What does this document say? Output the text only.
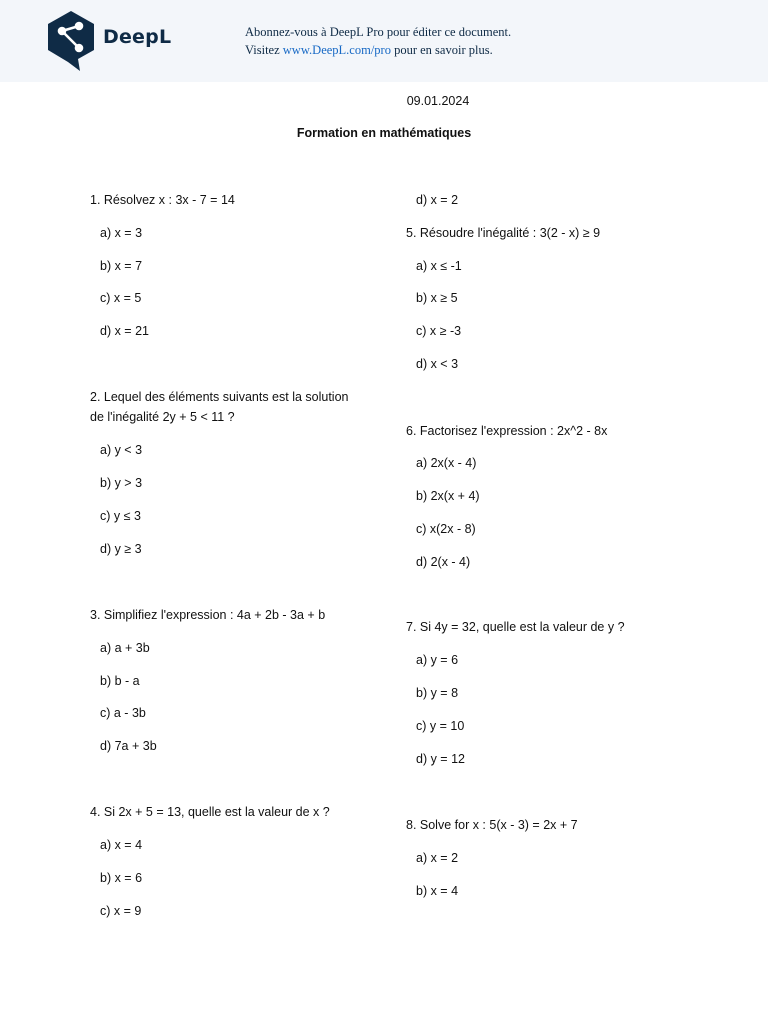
DeepL	Abonnez-vous à DeepL Pro pour éditer ce document.
Visitez www.DeepL.com/pro pour en savoir plus.
09.01.2024
Formation en mathématiques
1. Résolvez x : 3x - 7 = 14
a) x = 3
b) x = 7
c) x = 5
d) x = 21
2. Lequel des éléments suivants est la solution
de l'inégalité 2y + 5 < 11 ?
a) y < 3
b) y > 3
c) y ≤ 3
d) y ≥ 3
3. Simplifiez l'expression : 4a + 2b - 3a + b
a) a + 3b
b) b - a
c) a - 3b
d) 7a + 3b
4. Si 2x + 5 = 13, quelle est la valeur de x ?
a) x = 4
b) x = 6
c) x = 9
d) x = 2
5. Résoudre l'inégalité : 3(2 - x) ≥ 9
a) x ≤ -1
b) x ≥ 5
c) x ≥ -3
d) x < 3
6. Factorisez l'expression : 2x^2 - 8x
a) 2x(x - 4)
b) 2x(x + 4)
c) x(2x - 8)
d) 2(x - 4)
7. Si 4y = 32, quelle est la valeur de y ?
a) y = 6
b) y = 8
c) y = 10
d) y = 12
8. Solve for x : 5(x - 3) = 2x + 7
a) x = 2
b) x = 4
